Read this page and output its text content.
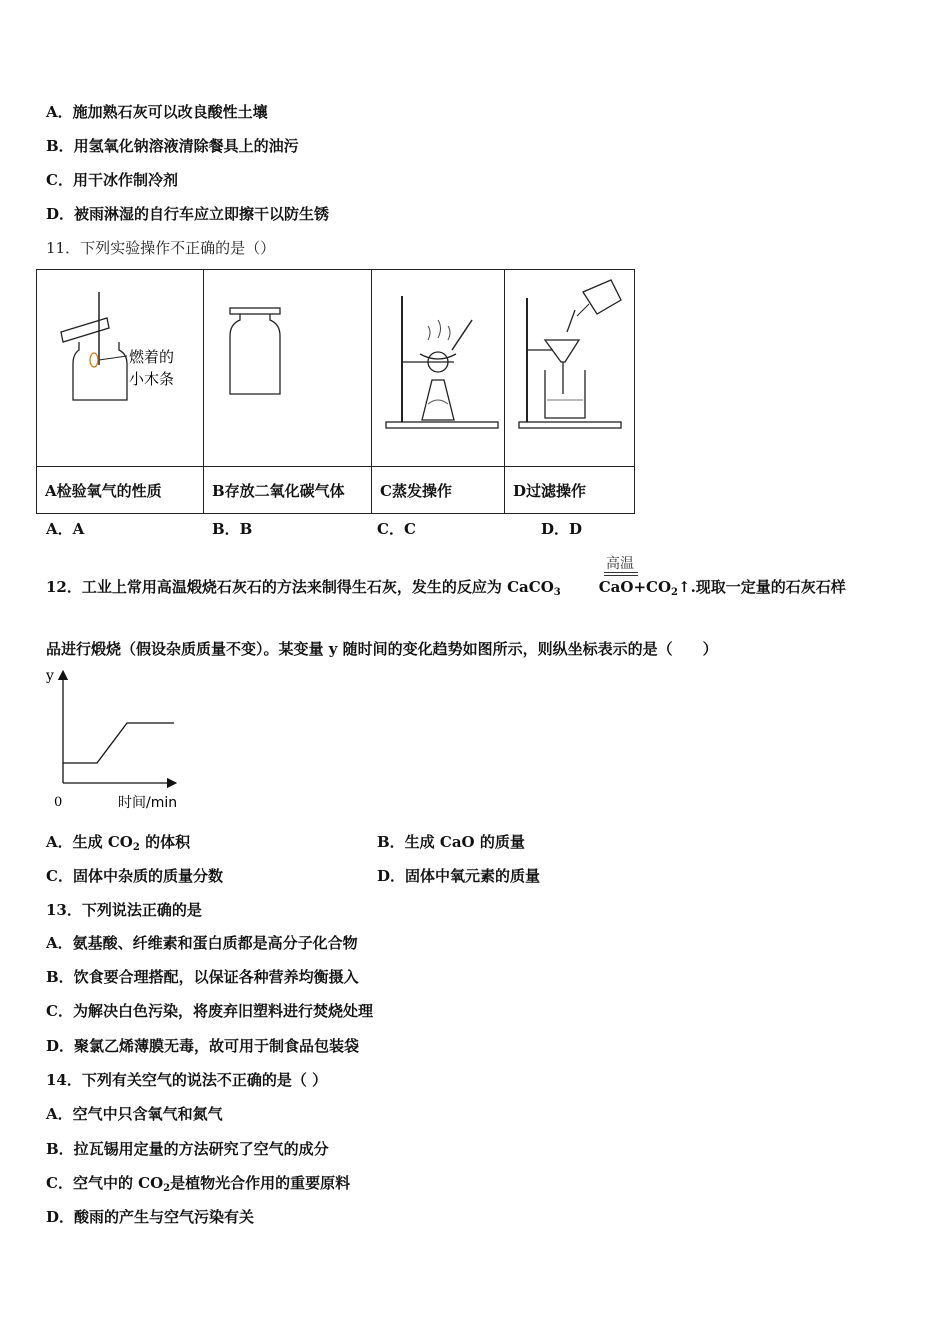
A．施加熟石灰可以改良酸性土壤
B．用氢氧化钠溶液清除餐具上的油污
C．用干冰作制冷剂
D．被雨淋湿的自行车应立即擦干以防生锈
11．下列实验操作不正确的是（）
燃着的
小木条

A检验氧气的性质	B存放二氧化碳气体	C蒸发操作	D过滤操作
A．A	B．B	C．C	D．D
高温
12．工业上常用高温煅烧石灰石的方法来制得生石灰，发生的反应为 CaCO$_3$	$CaO+CO_2↑$.现取一定量的石灰石样
品进行煅烧（假设杂质质量不变）。某变量 y 随时间的变化趋势如图所示，则纵坐标表示的是（　　）
y
0	时间/min
A．生成 $CO_2$ 的体积	B．生成 CaO 的质量
C．固体中杂质的质量分数	D．固体中氧元素的质量
13．下列说法正确的是
A．氨基酸、纤维素和蛋白质都是高分子化合物
B．饮食要合理搭配，以保证各种营养均衡摄入
C．为解决白色污染，将废弃旧塑料进行焚烧处理
D．聚氯乙烯薄膜无毒，故可用于制食品包装袋
14．下列有关空气的说法不正确的是（ ）
A．空气中只含氧气和氮气
B．拉瓦锡用定量的方法研究了空气的成分
C．空气中的 $CO_2$是植物光合作用的重要原料
D．酸雨的产生与空气污染有关
